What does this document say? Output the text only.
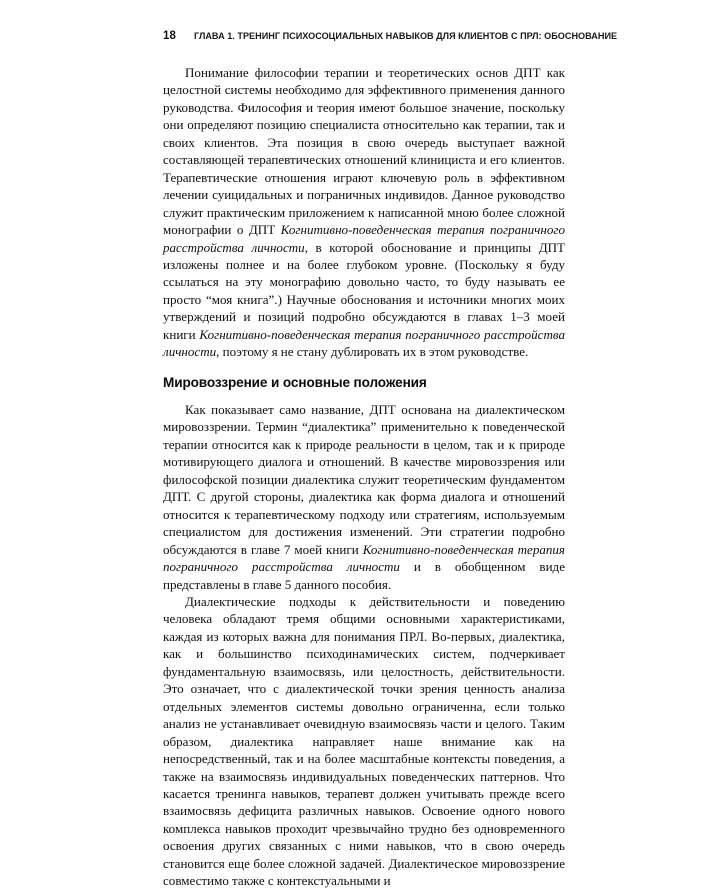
18 ГЛАВА 1. ТРЕНИНГ ПСИХОСОЦИАЛЬНЫХ НАВЫКОВ ДЛЯ КЛИЕНТОВ С ПРЛ: ОБОСНОВАНИЕ

Понимание философии терапии и теоретических основ ДПТ как целостной системы необходимо для эффективного применения данного руководства. Философия и теория имеют большое значение, поскольку они определяют позицию специалиста относительно как терапии, так и своих клиентов. Эта позиция в свою очередь выступает важной составляющей терапевтических отношений клинициста и его клиентов. Терапевтические отношения играют ключевую роль в эффективном лечении суицидальных и пограничных индивидов. Данное руководство служит практическим приложением к написанной мною более сложной монографии о ДПТ Когнитивно-поведенческая терапия пограничного расстройства личности, в которой обоснование и принципы ДПТ изложены полнее и на более глубоком уровне. (Поскольку я буду ссылаться на эту монографию довольно часто, то буду называть ее просто “моя книга”.) Научные обоснования и источники многих моих утверждений и позиций подробно обсуждаются в главах 1–3 моей книги Когнитивно-поведенческая терапия пограничного расстройства личности, поэтому я не стану дублировать их в этом руководстве.

Мировоззрение и основные положения

Как показывает само название, ДПТ основана на диалектическом мировоззрении. Термин “диалектика” применительно к поведенческой терапии относится как к природе реальности в целом, так и к природе мотивирующего диалога и отношений. В качестве мировоззрения или философской позиции диалектика служит теоретическим фундаментом ДПТ. С другой стороны, диалектика как форма диалога и отношений относится к терапевтическому подходу или стратегиям, используемым специалистом для достижения изменений. Эти стратегии подробно обсуждаются в главе 7 моей книги Когнитивно-поведенческая терапия пограничного расстройства личности и в обобщенном виде представлены в главе 5 данного пособия.

Диалектические подходы к действительности и поведению человека обладают тремя общими основными характеристиками, каждая из которых важна для понимания ПРЛ. Во-первых, диалектика, как и большинство психодинамических систем, подчеркивает фундаментальную взаимосвязь, или целостность, действительности. Это означает, что с диалектической точки зрения ценность анализа отдельных элементов системы довольно ограниченна, если только анализ не устанавливает очевидную взаимосвязь части и целого. Таким образом, диалектика направляет наше внимание как на непосредственный, так и на более масштабные контексты поведения, а также на взаимосвязь индивидуальных поведенческих паттернов. Что касается тренинга навыков, терапевт должен учитывать прежде всего взаимосвязь дефицита различных навыков. Освоение одного нового комплекса навыков проходит чрезвычайно трудно без одновременного освоения других связанных с ними навыков, что в свою очередь становится еще более сложной задачей. Диалектическое мировоззрение совместимо также с контекстуальными и
